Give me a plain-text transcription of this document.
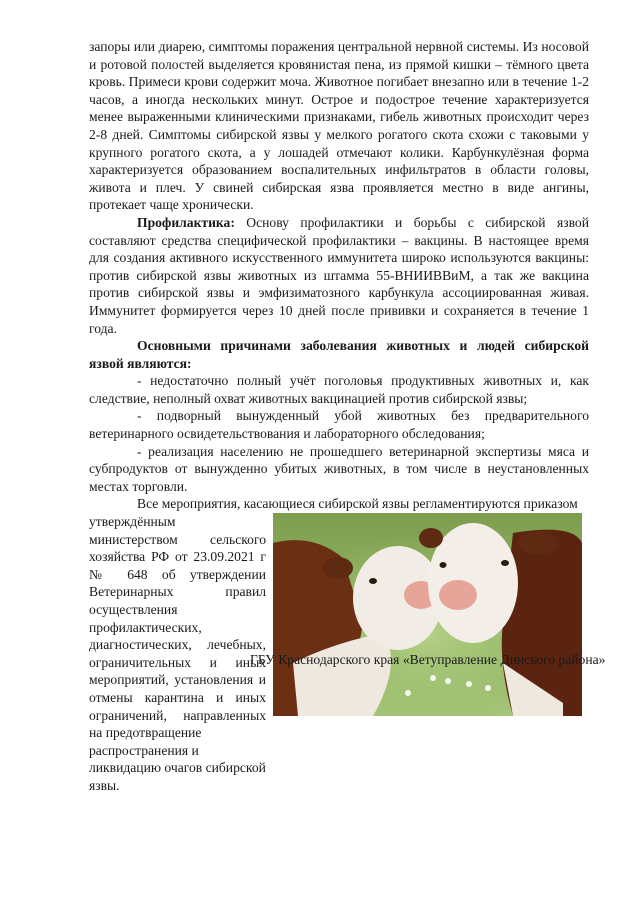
запоры или диарею, симптомы поражения центральной нервной системы. Из носовой и ротовой полостей выделяется кровянистая пена, из прямой кишки – тёмного цвета кровь. Примеси крови содержит моча. Животное погибает внезапно или в течение 1-2 часов, а иногда нескольких минут. Острое и подострое течение характеризуется менее выраженными клиническими признаками, гибель животных происходит через 2-8 дней. Симптомы сибирской язвы у мелкого рогатого скота схожи с таковыми у крупного рогатого скота, а у лошадей отмечают колики. Карбункулёзная форма характеризуется образованием воспалительных инфильтратов в области головы, живота и плеч. У свиней сибирская язва проявляется местно в виде ангины, протекает чаще хронически.

Профилактика: Основу профилактики и борьбы с сибирской язвой составляют средства специфической профилактики – вакцины. В настоящее время для создания активного искусственного иммунитета широко используются вакцины: против сибирской язвы животных из штамма 55-ВНИИВВиМ, а так же вакцина против сибирской язвы и эмфизиматозного карбункула ассоциированная живая. Иммунитет формируется через 10 дней после прививки и сохраняется в течение 1 года.

Основными причинами заболевания животных и людей сибирской язвой являются:

- недостаточно полный учёт поголовья продуктивных животных и, как следствие, неполный охват животных вакцинацией против сибирской язвы;

- подворный вынужденный убой животных без предварительного ветеринарного освидетельствования и лабораторного обследования;

- реализация населению не прошедшего ветеринарной экспертизы мяса и субпродуктов от вынужденно убитых животных, в том числе в неустановленных местах торговли.

Все мероприятия, касающиеся сибирской язвы регламентируются приказом

утверждённым министерством сельского хозяйства РФ от 23.09.2021 г № 648 об утверждении Ветеринарных правил осуществления профилактических, диагностических, лечебных, ограничительных и иных мероприятий, установления и отмены карантина и иных ограничений, направленных на предотвращение

распространения и ликвидацию очагов сибирской язвы.

ГБУ Краснодарского края «Ветуправление Динского района»
